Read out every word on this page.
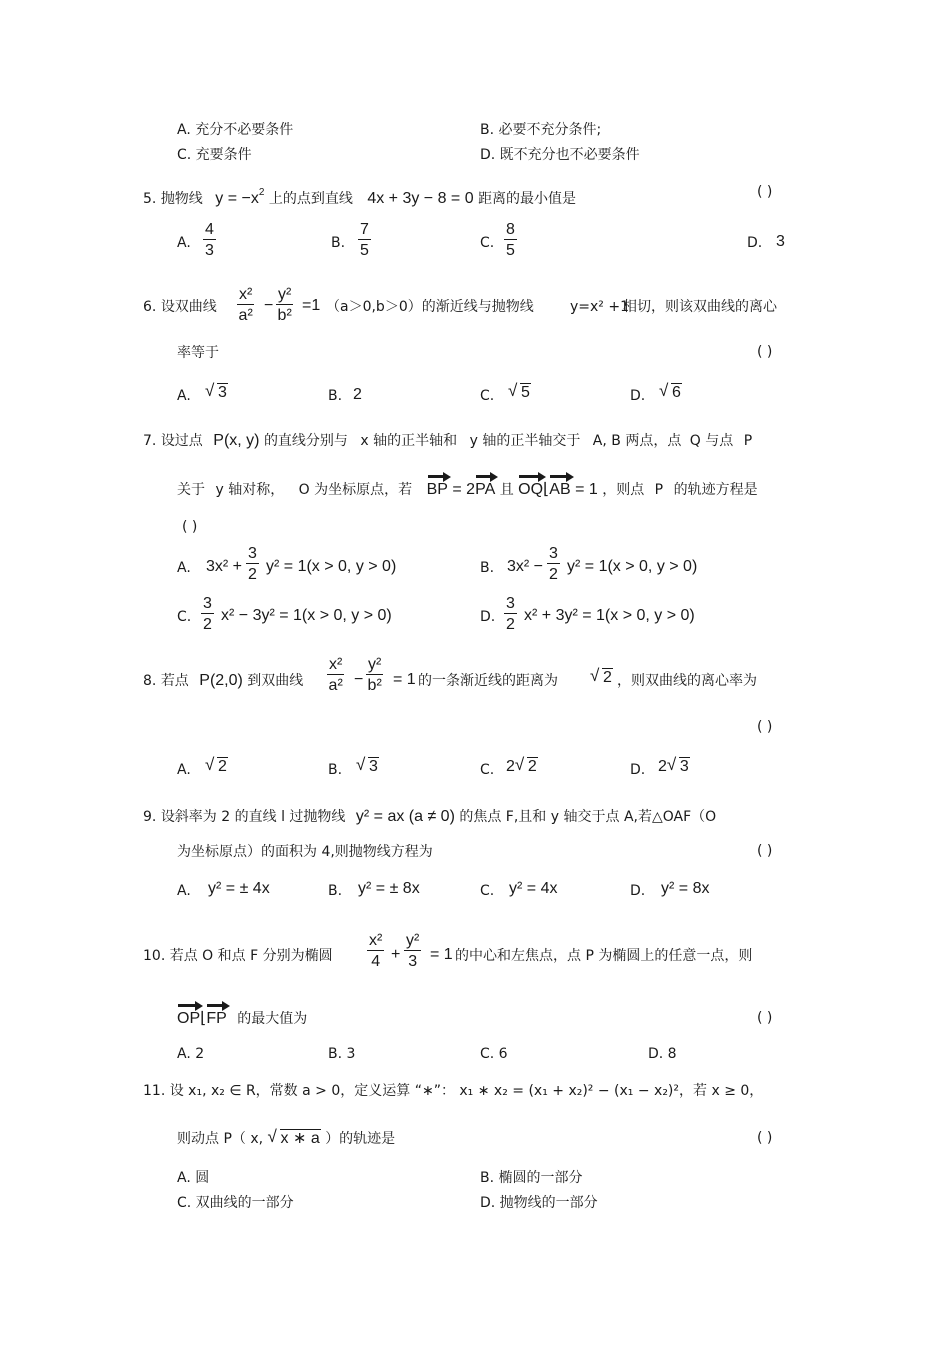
A. 充分不必要条件	B. 必要不充分条件;
C. 充要条件	D. 既不充分也不必要条件
5. 抛物线 $y = -x^2$ 上的点到直线 4x + 3y − 8 = 0 距离的最小值是	( )
A. $\frac{4}{3}$	B. $\frac{7}{5}$	C. $\frac{8}{5}$	D. 3
6. 设双曲线 $\frac{\text{x²}}{\text{a²}} - \frac{\text{y²}}{\text{b²}} =1$ （a＞0,b＞0）的渐近线与抛物线	y=x² +1
相切，则该双曲线的离心
率等于	( )
A.	√ 3	B. 2	C.	√ 5	D.	√ 6
7. 设过点 P(x, y) 的直线分别与 x 轴的正半轴和 y 轴的正半轴交于 A, B 两点，点 Q 与点 P
关于 y 轴对称， O 为坐标原点，若 BP = 2PA 且 OQ⌊AB = 1 ，则点 P 的轨迹方程是
( )
A. $3x^2 + \frac{3}{2} y^2 = 1(x > 0$, y > 0)	B. $3x^2 - \frac{3}{2} y^2 = 1(x > 0$, y > 0)
C. $\frac{3}{2} x^2 - 3y^2 = 1(x > 0$, y > 0)	D. $\frac{3}{2} x^2 + 3y^2 = 1(x > 0$, y > 0)
8. 若点 P(2,0) 到双曲线 $\frac{\text{x²}}{\text{a²}} - \frac{\text{y²}}{\text{b²}} = 1$ 的一条渐近线的距离为	√ 2 ，则双曲线的离心率为
( )
A.	√ 2	B.	√ 3	C. 2 √ 2	D. 2 √ 3
9. 设斜率为 2 的直线 l 过抛物线 y² = ax (a ≠ 0) 的焦点 F,且和 y 轴交于点 A,若△OAF（O
为坐标原点）的面积为 4,则抛物线方程为	( )
A. y² = ± 4x	B. y² = ± 8x	C. y² = 4x	D. y² = 8x
10. 若点 O 和点 F 分别为椭圆 $\frac{\text{x²}}{4} + \frac{\text{y²}}{3} = 1$ 的中心和左焦点，点 P 为椭圆上的任意一点，则
OP⌊FP 的最大值为	( )
A. 2	B. 3	C. 6	D. 8
11. 设 x₁, x₂ ∈ R，常数 a > 0，定义运算 “∗”： x₁ ∗ x₂ = (x₁ + x₂)² − (x₁ − x₂)²，若 x ≥ 0，
则动点 P（ x, √ x ∗ a ）的轨迹是	( )
A. 圆	B. 椭圆的一部分
C. 双曲线的一部分	D. 抛物线的一部分
